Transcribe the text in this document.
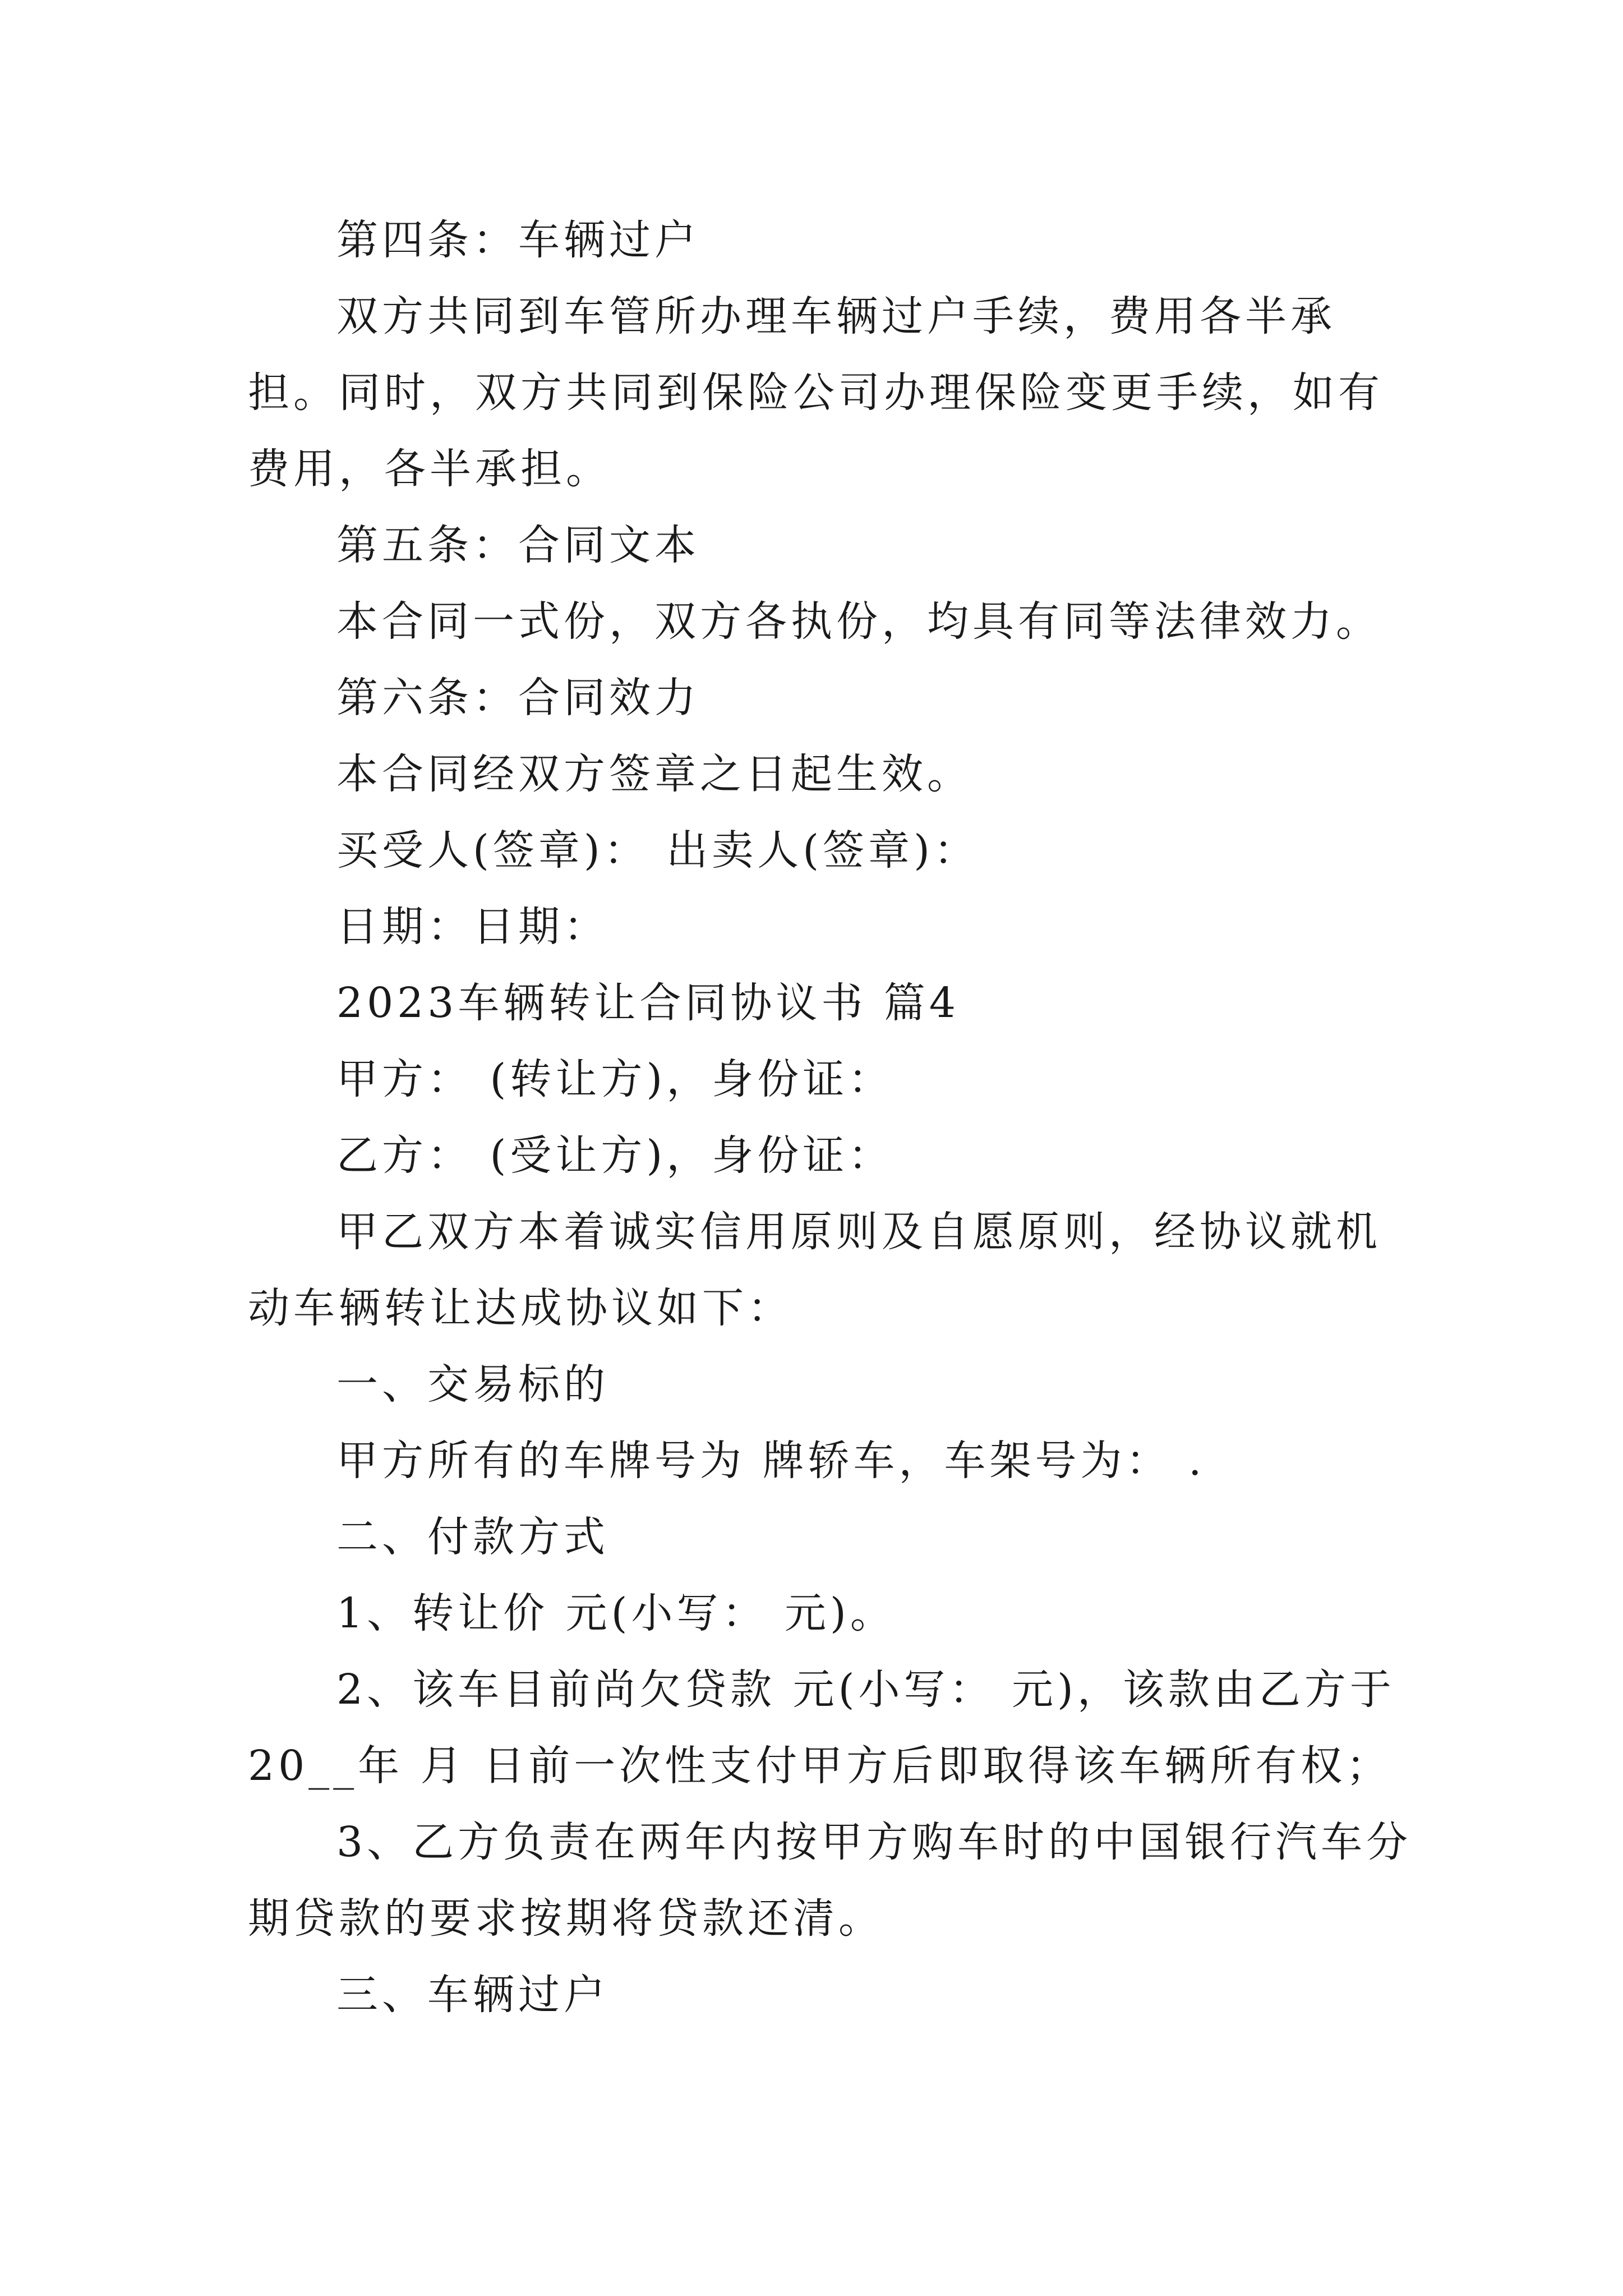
第四条：车辆过户

双方共同到车管所办理车辆过户手续，费用各半承担。同时，双方共同到保险公司办理保险变更手续，如有费用，各半承担。

第五条：合同文本

本合同一式份，双方各执份，均具有同等法律效力。

第六条：合同效力

本合同经双方签章之日起生效。

买受人(签章)： 出卖人(签章)：

日期：日期：

2023车辆转让合同协议书 篇4

甲方： (转让方)，身份证：

乙方： (受让方)，身份证：

甲乙双方本着诚实信用原则及自愿原则，经协议就机动车辆转让达成协议如下：

一、交易标的

甲方所有的车牌号为 牌轿车，车架号为： .

二、付款方式

1、转让价 元(小写： 元)。

2、该车目前尚欠贷款 元(小写： 元)，该款由乙方于20__年 月 日前一次性支付甲方后即取得该车辆所有权；

3、乙方负责在两年内按甲方购车时的中国银行汽车分期贷款的要求按期将贷款还清。

三、车辆过户
